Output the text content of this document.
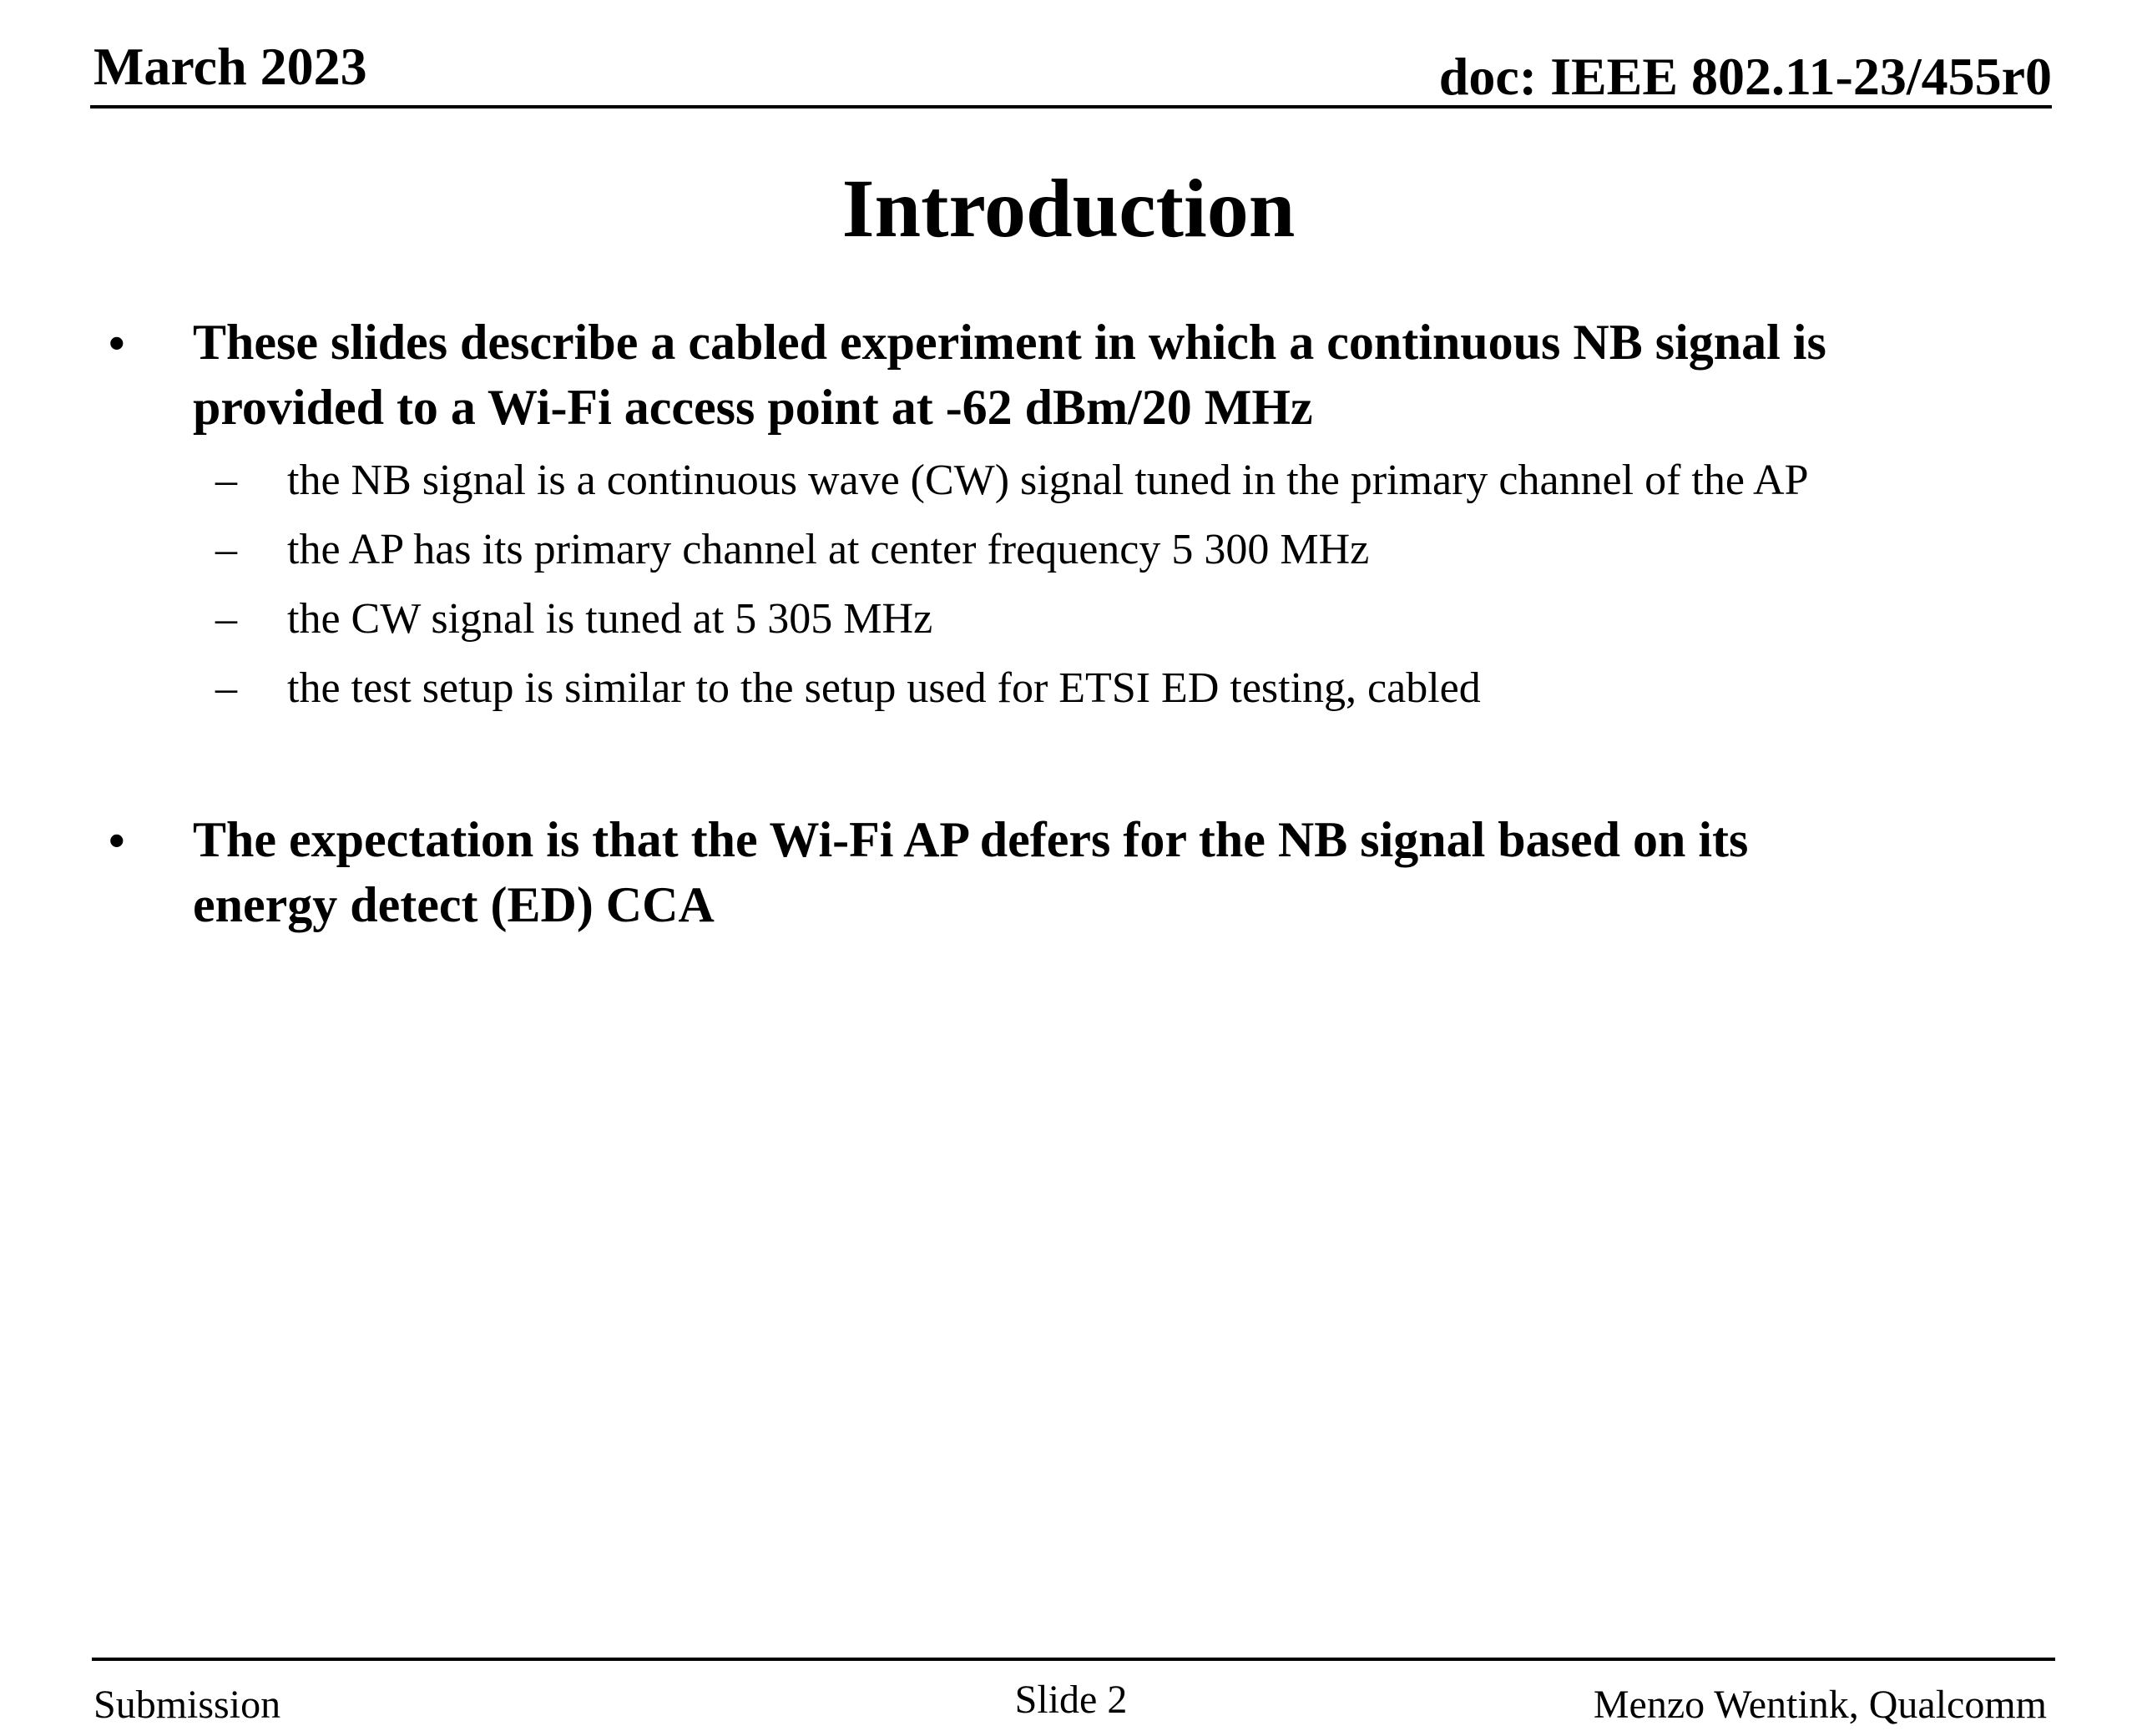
March 2023	doc: IEEE 802.11-23/455r0
Introduction
• These slides describe a cabled experiment in which a continuous NB signal is
provided to a Wi-Fi access point at -62 dBm/20 MHz
– the NB signal is a continuous wave (CW) signal tuned in the primary channel of the AP
– the AP has its primary channel at center frequency 5 300 MHz
– the CW signal is tuned at 5 305 MHz
– the test setup is similar to the setup used for ETSI ED testing, cabled
• The expectation is that the Wi-Fi AP defers for the NB signal based on its
energy detect (ED) CCA
Submission	Slide 2	Menzo Wentink, Qualcomm
